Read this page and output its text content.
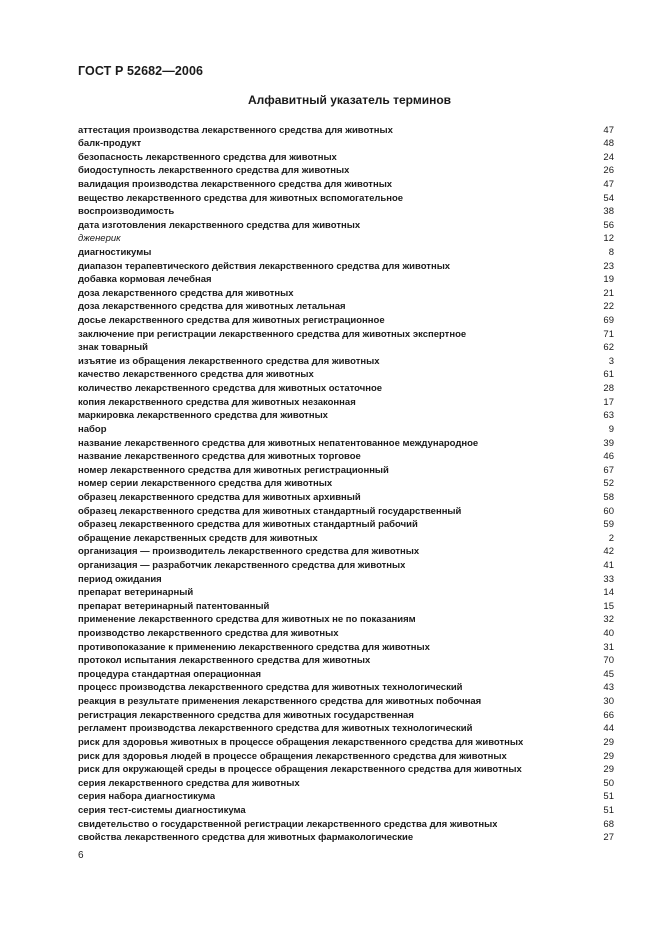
ГОСТ Р 52682—2006
Алфавитный указатель терминов
аттестация производства лекарственного средства для животных	47
балк-продукт	48
безопасность лекарственного средства для животных	24
биодоступность лекарственного средства для животных	26
валидация производства лекарственного средства для животных	47
вещество лекарственного средства для животных вспомогательное	54
воспроизводимость	38
дата изготовления лекарственного средства для животных	56
дженерик	12
диагностикумы	8
диапазон терапевтического действия лекарственного средства для животных	23
добавка кормовая лечебная	19
доза лекарственного средства для животных	21
доза лекарственного средства для животных летальная	22
досье лекарственного средства для животных регистрационное	69
заключение при регистрации лекарственного средства для животных экспертное	71
знак товарный	62
изъятие из обращения лекарственного средства для животных	3
качество лекарственного средства для животных	61
количество лекарственного средства для животных остаточное	28
копия лекарственного средства для животных незаконная	17
маркировка лекарственного средства для животных	63
набор	9
название лекарственного средства для животных непатентованное международное	39
название лекарственного средства для животных торговое	46
номер лекарственного средства для животных регистрационный	67
номер серии лекарственного средства для животных	52
образец лекарственного средства для животных архивный	58
образец лекарственного средства для животных стандартный государственный	60
образец лекарственного средства для животных стандартный рабочий	59
обращение лекарственных средств для животных	2
организация — производитель лекарственного средства для животных	42
организация — разработчик лекарственного средства для животных	41
период ожидания	33
препарат ветеринарный	14
препарат ветеринарный патентованный	15
применение лекарственного средства для животных не по показаниям	32
производство лекарственного средства для животных	40
противопоказание к применению лекарственного средства для животных	31
протокол испытания лекарственного средства для животных	70
процедура стандартная операционная	45
процесс производства лекарственного средства для животных технологический	43
реакция в результате применения лекарственного средства для животных побочная	30
регистрация лекарственного средства для животных государственная	66
регламент производства лекарственного средства для животных технологический	44
риск для здоровья животных в процессе обращения лекарственного средства для животных	29
риск для здоровья людей в процессе обращения лекарственного средства для животных	29
риск для окружающей среды в процессе обращения лекарственного средства для животных	29
серия лекарственного средства для животных	50
серия набора диагностикума	51
серия тест-системы диагностикума	51
свидетельство о государственной регистрации лекарственного средства для животных	68
свойства лекарственного средства для животных фармакологические	27
6
